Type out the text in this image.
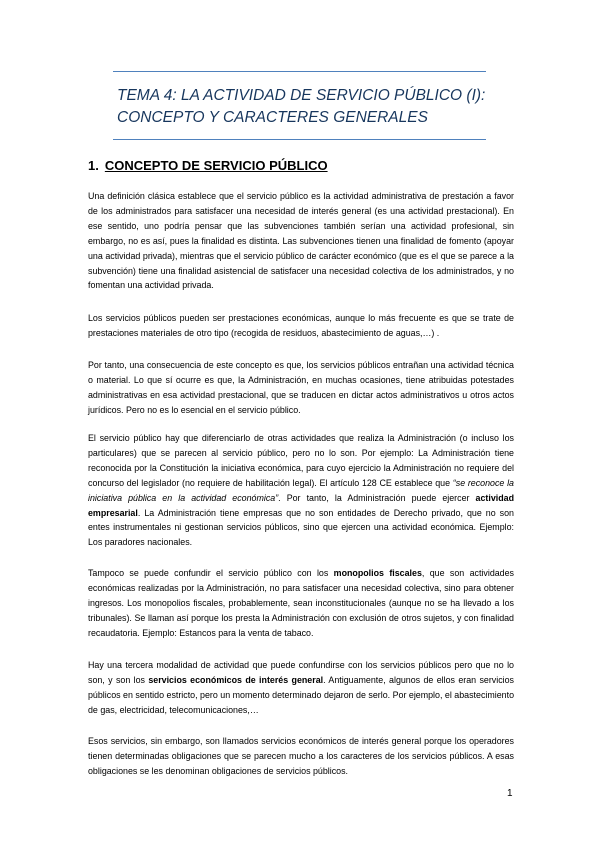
TEMA 4: LA ACTIVIDAD DE SERVICIO PÚBLICO (I):
CONCEPTO Y CARACTERES GENERALES
1. CONCEPTO DE SERVICIO PÚBLICO

Una definición clásica establece que el servicio público es la actividad administrativa de prestación a favor de los administrados para satisfacer una necesidad de interés general (es una actividad prestacional). En ese sentido, uno podría pensar que las subvenciones también serían una actividad profesional, sin embargo, no es así, pues la finalidad es distinta. Las subvenciones tienen una finalidad de fomento (apoyar una actividad privada), mientras que el servicio público de carácter económico (que es el que se parece a la subvención) tiene una finalidad asistencial de satisfacer una necesidad colectiva de los administrados, y no fomentan una actividad privada.

Los servicios públicos pueden ser prestaciones económicas, aunque lo más frecuente es que se trate de prestaciones materiales de otro tipo (recogida de residuos, abastecimiento de aguas,…) .

Por tanto, una consecuencia de este concepto es que, los servicios públicos entrañan una actividad técnica o material. Lo que sí ocurre es que, la Administración, en muchas ocasiones, tiene atribuidas potestades administrativas en esa actividad prestacional, que se traducen en dictar actos administrativos u otros actos jurídicos. Pero no es lo esencial en el servicio público.

El servicio público hay que diferenciarlo de otras actividades que realiza la Administración (o incluso los particulares) que se parecen al servicio público, pero no lo son. Por ejemplo: La Administración tiene reconocida por la Constitución la iniciativa económica, para cuyo ejercicio la Administración no requiere del concurso del legislador (no requiere de habilitación legal). El artículo 128 CE establece que “se reconoce la iniciativa pública en la actividad económica”. Por tanto, la Administración puede ejercer actividad empresarial. La Administración tiene empresas que no son entidades de Derecho privado, que no son entes instrumentales ni gestionan servicios públicos, sino que ejercen una actividad económica. Ejemplo: Los paradores nacionales.

Tampoco se puede confundir el servicio público con los monopolios fiscales, que son actividades económicas realizadas por la Administración, no para satisfacer una necesidad colectiva, sino para obtener ingresos. Los monopolios fiscales, probablemente, sean inconstitucionales (aunque no se ha llevado a los tribunales). Se llaman así porque los presta la Administración con exclusión de otros sujetos, y con finalidad recaudatoria. Ejemplo: Estancos para la venta de tabaco.

Hay una tercera modalidad de actividad que puede confundirse con los servicios públicos pero que no lo son, y son los servicios económicos de interés general. Antiguamente, algunos de ellos eran servicios públicos en sentido estricto, pero un momento determinado dejaron de serlo. Por ejemplo, el abastecimiento de gas, electricidad, telecomunicaciones,…

Esos servicios, sin embargo, son llamados servicios económicos de interés general porque los operadores tienen determinadas obligaciones que se parecen mucho a los caracteres de los servicios públicos. A esas obligaciones se les denominan obligaciones de servicios públicos.

1
